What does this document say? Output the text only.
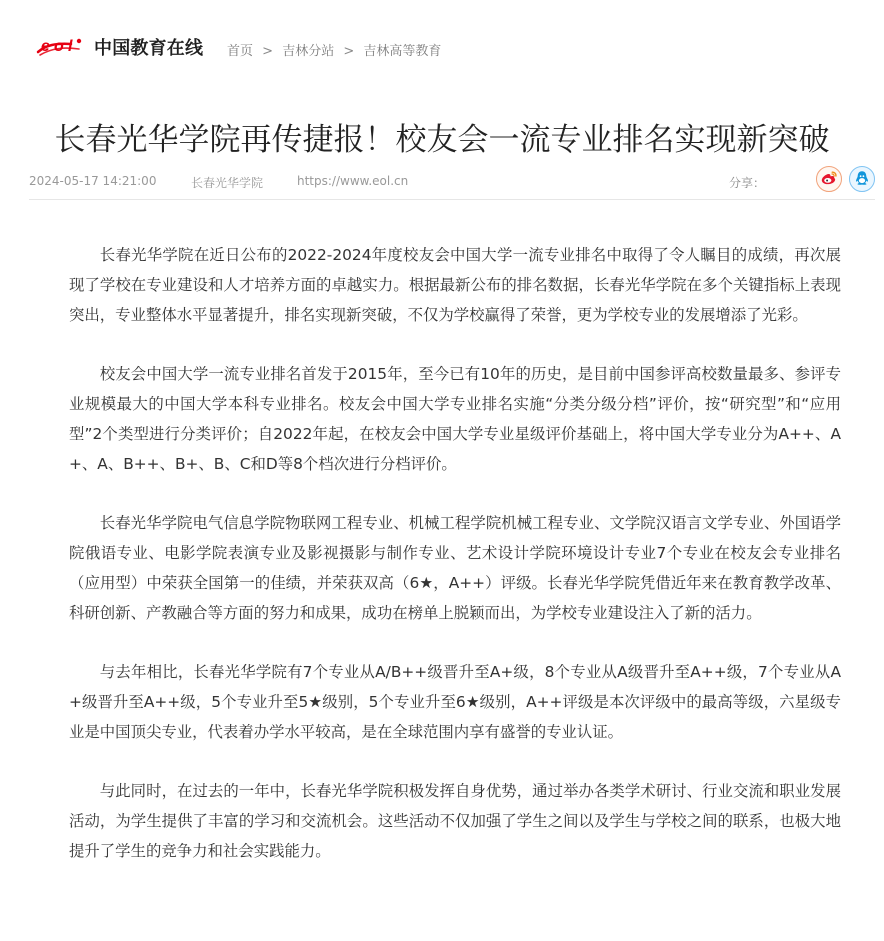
e o l 中国教育在线 首页 > 吉林分站 > 吉林高等教育
长春光华学院再传捷报！校友会一流专业排名实现新突破
2024-05-17 14:21:00	长春光华学院	https://www.eol.cn	分享：

长春光华学院在近日公布的2022-2024年度校友会中国大学一流专业排名中取得了令人瞩目的成绩，再次展现了学校在专业建设和人才培养方面的卓越实力。根据最新公布的排名数据，长春光华学院在多个关键指标上表现突出，专业整体水平显著提升，排名实现新突破，不仅为学校赢得了荣誉，更为学校专业的发展增添了光彩。

校友会中国大学一流专业排名首发于2015年，至今已有10年的历史，是目前中国参评高校数量最多、参评专业规模最大的中国大学本科专业排名。校友会中国大学专业排名实施“分类分级分档”评价，按“研究型”和“应用型”2个类型进行分类评价；自2022年起，在校友会中国大学专业星级评价基础上，将中国大学专业分为A++、A+、A、B++、B+、B、C和D等8个档次进行分档评价。

长春光华学院电气信息学院物联网工程专业、机械工程学院机械工程专业、文学院汉语言文学专业、外国语学院俄语专业、电影学院表演专业及影视摄影与制作专业、艺术设计学院环境设计专业7个专业在校友会专业排名（应用型）中荣获全国第一的佳绩，并荣获双高（6★，A++）评级。长春光华学院凭借近年来在教育教学改革、科研创新、产教融合等方面的努力和成果，成功在榜单上脱颖而出，为学校专业建设注入了新的活力。

与去年相比，长春光华学院有7个专业从A/B++级晋升至A+级，8个专业从A级晋升至A++级，7个专业从A+级晋升至A++级，5个专业升至5★级别，5个专业升至6★级别，A++评级是本次评级中的最高等级，六星级专业是中国顶尖专业，代表着办学水平较高，是在全球范围内享有盛誉的专业认证。

与此同时，在过去的一年中，长春光华学院积极发挥自身优势，通过举办各类学术研讨、行业交流和职业发展活动，为学生提供了丰富的学习和交流机会。这些活动不仅加强了学生之间以及学生与学校之间的联系，也极大地提升了学生的竞争力和社会实践能力。
